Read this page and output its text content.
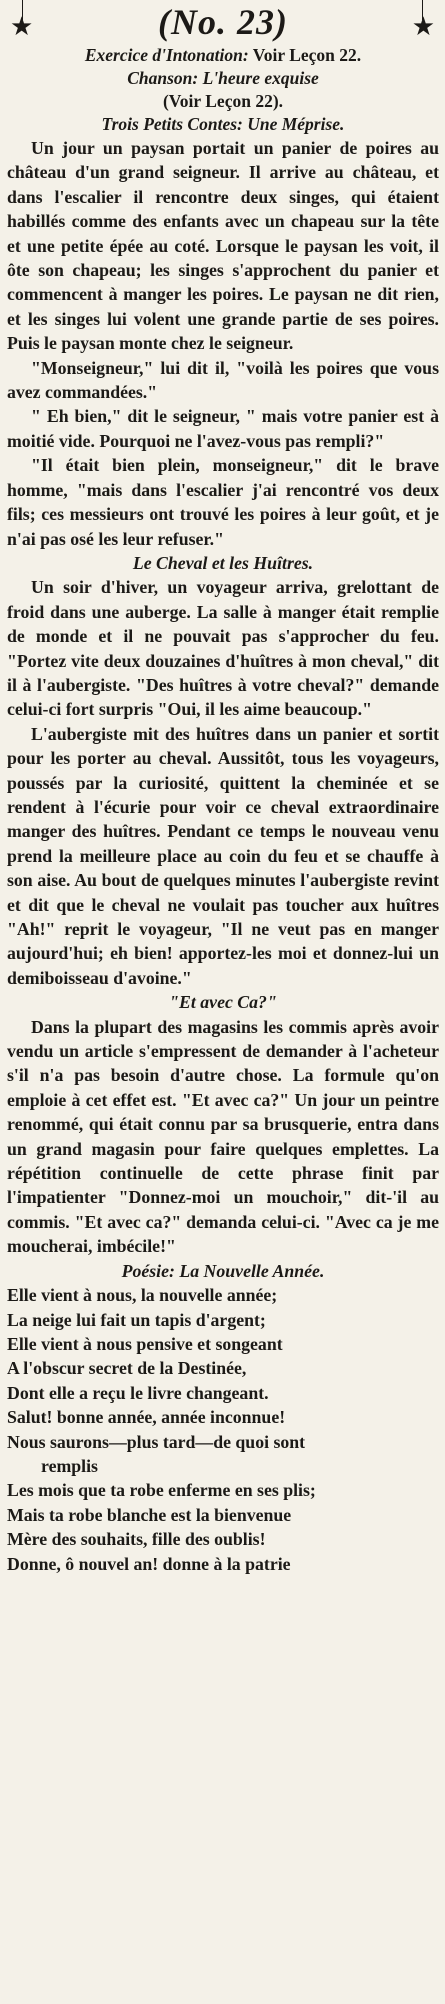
★	(No. 23)	★
Exercice d'Intonation: Voir Leçon 22.
Chanson: L'heure exquise
(Voir Leçon 22).
Trois Petits Contes: Une Méprise.

Un jour un paysan portait un panier de poires au château d'un grand seigneur. Il arrive au château, et dans l'escalier il rencontre deux singes, qui étaient habillés comme des enfants avec un chapeau sur la tête et une petite épée au coté. Lorsque le paysan les voit, il ôte son chapeau; les singes s'approchent du panier et commencent à manger les poires. Le paysan ne dit rien, et les singes lui volent une grande partie de ses poires. Puis le paysan monte chez le seigneur.

"Monseigneur," lui dit il, "voilà les poires que vous avez commandées."

" Eh bien," dit le seigneur, " mais votre panier est à moitié vide. Pourquoi ne l'avez-vous pas rempli?"

"Il était bien plein, monseigneur," dit le brave homme, "mais dans l'escalier j'ai rencontré vos deux fils; ces messieurs ont trouvé les poires à leur goût, et je n'ai pas osé les leur refuser."

Le Cheval et les Huîtres.

Un soir d'hiver, un voyageur arriva, grelottant de froid dans une auberge. La salle à manger était remplie de monde et il ne pouvait pas s'approcher du feu. "Portez vite deux douzaines d'huîtres à mon cheval," dit il à l'aubergiste. "Des huîtres à votre cheval?" demande celui-ci fort surpris "Oui, il les aime beaucoup."

L'aubergiste mit des huîtres dans un panier et sortit pour les porter au cheval. Aussitôt, tous les voyageurs, poussés par la curiosité, quittent la cheminée et se rendent à l'écurie pour voir ce cheval extraordinaire manger des huîtres. Pendant ce temps le nouveau venu prend la meilleure place au coin du feu et se chauffe à son aise. Au bout de quelques minutes l'aubergiste revint et dit que le cheval ne voulait pas toucher aux huîtres "Ah!" reprit le voyageur, "Il ne veut pas en manger aujourd'hui; eh bien! apportez-les moi et donnez-lui un demiboisseau d'avoine."

"Et avec Ca?"

Dans la plupart des magasins les commis après avoir vendu un article s'empressent de demander à l'acheteur s'il n'a pas besoin d'autre chose. La formule qu'on emploie à cet effet est. "Et avec ca?" Un jour un peintre renommé, qui était connu par sa brusquerie, entra dans un grand magasin pour faire quelques emplettes. La répétition continuelle de cette phrase finit par l'impatienter "Donnez-moi un mouchoir," dit-'il au commis. "Et avec ca?" demanda celui-ci. "Avec ca je me moucherai, imbécile!"

Poésie: La Nouvelle Année.
Elle vient à nous, la nouvelle année;
La neige lui fait un tapis d'argent;
Elle vient à nous pensive et songeant
A l'obscur secret de la Destinée,
Dont elle a reçu le livre changeant.
Salut! bonne année, année inconnue!
Nous saurons—plus tard—de quoi sont
remplis
Les mois que ta robe enferme en ses plis;
Mais ta robe blanche est la bienvenue
Mère des souhaits, fille des oublis!
Donne, ô nouvel an! donne à la patrie
